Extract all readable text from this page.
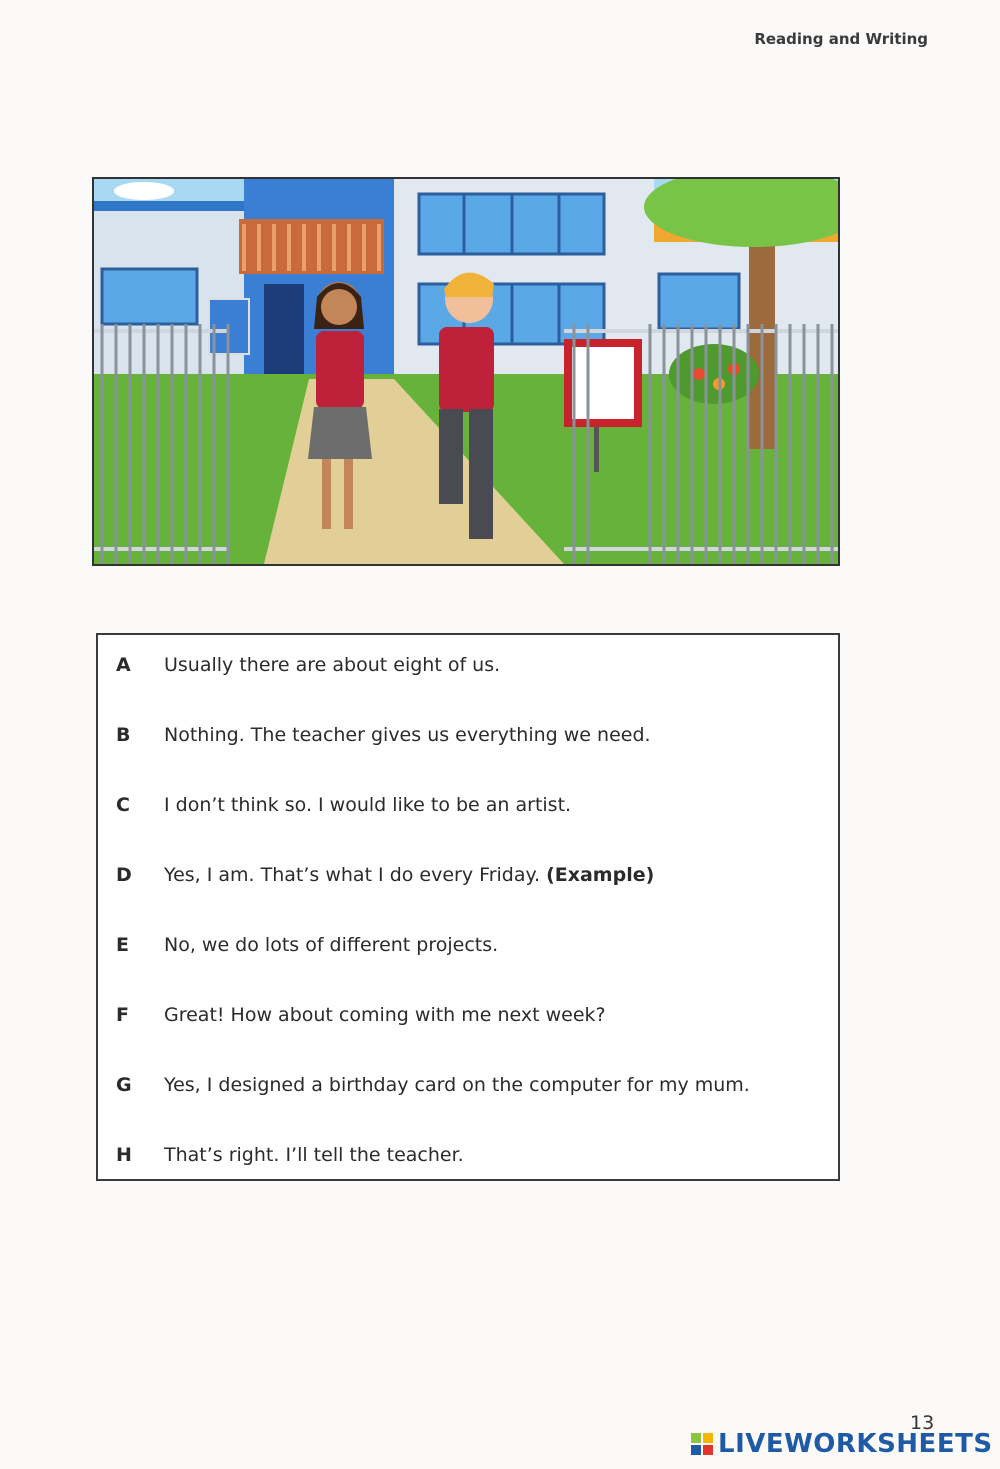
Reading and Writing
A Usually there are about eight of us.
B Nothing. The teacher gives us everything we need.
C I don’t think so. I would like to be an artist.
D Yes, I am. That’s what I do every Friday. (Example)
E No, we do lots of different projects.
F Great! How about coming with me next week?
G Yes, I designed a birthday card on the computer for my mum.
H That’s right. I’ll tell the teacher.
13
LIVEWORKSHEETS
